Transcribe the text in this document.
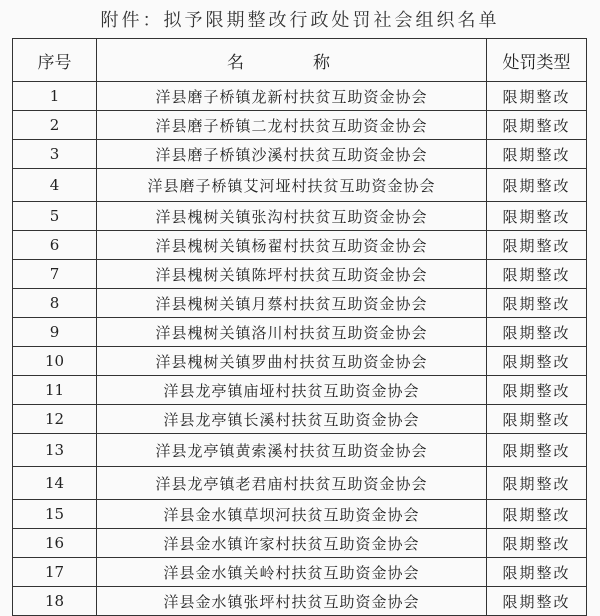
附件：拟予限期整改行政处罚社会组织名单
序号	名　称	处罚类型
1	洋县磨子桥镇龙新村扶贫互助资金协会	限期整改
2	洋县磨子桥镇二龙村扶贫互助资金协会	限期整改
3	洋县磨子桥镇沙溪村扶贫互助资金协会	限期整改
4	洋县磨子桥镇艾河垭村扶贫互助资金协会	限期整改
5	洋县槐树关镇张沟村扶贫互助资金协会	限期整改
6	洋县槐树关镇杨翟村扶贫互助资金协会	限期整改
7	洋县槐树关镇陈坪村扶贫互助资金协会	限期整改
8	洋县槐树关镇月蔡村扶贫互助资金协会	限期整改
9	洋县槐树关镇洛川村扶贫互助资金协会	限期整改
10	洋县槐树关镇罗曲村扶贫互助资金协会	限期整改
11	洋县龙亭镇庙垭村扶贫互助资金协会	限期整改
12	洋县龙亭镇长溪村扶贫互助资金协会	限期整改
13	洋县龙亭镇黄索溪村扶贫互助资金协会	限期整改
14	洋县龙亭镇老君庙村扶贫互助资金协会	限期整改
15	洋县金水镇草坝河扶贫互助资金协会	限期整改
16	洋县金水镇许家村扶贫互助资金协会	限期整改
17	洋县金水镇关岭村扶贫互助资金协会	限期整改
18	洋县金水镇张坪村扶贫互助资金协会	限期整改
